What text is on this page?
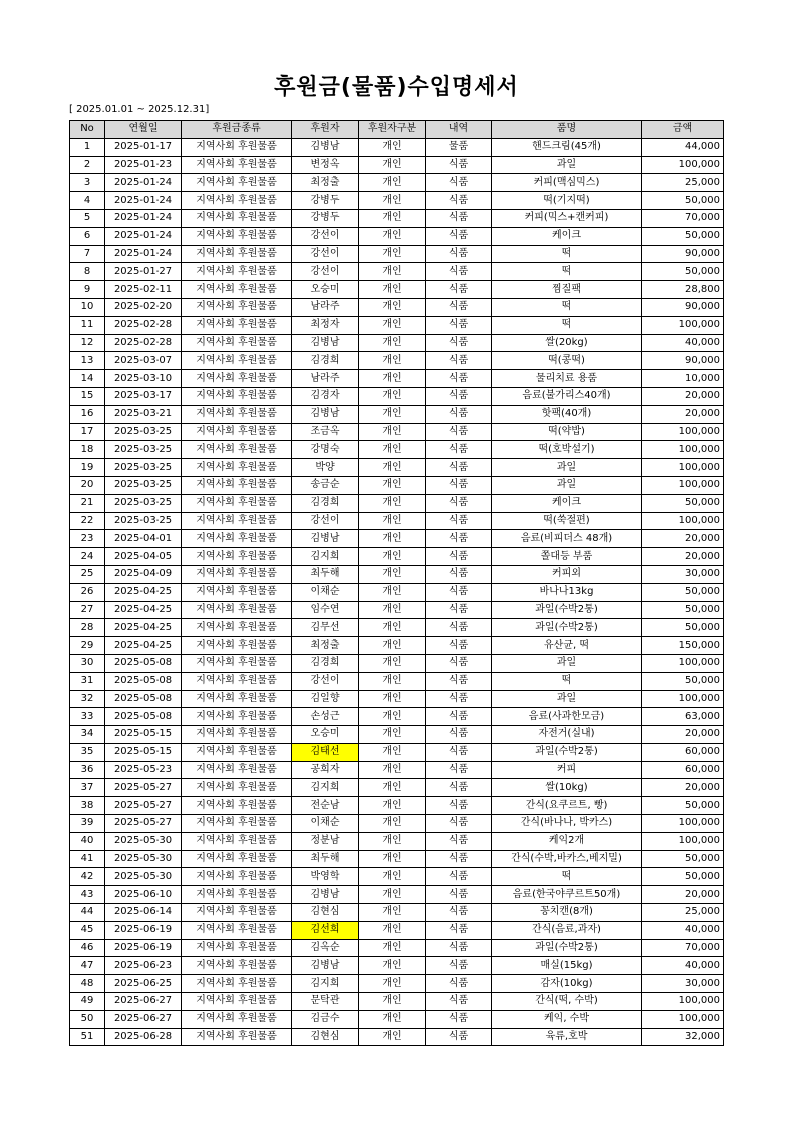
후원금(물품)수입명세서
[ 2025.01.01 ~ 2025.12.31]
No	연월일	후원금종류	후원자	후원자구분	내역	품명	금액
1	2025-01-17	지역사회 후원물품	김병남	개인	물품	핸드크림(45개)	44,000
2	2025-01-23	지역사회 후원물품	변정옥	개인	식품	과일	100,000
3	2025-01-24	지역사회 후원물품	최정출	개인	식품	커피(맥심믹스)	25,000
4	2025-01-24	지역사회 후원물품	강병두	개인	식품	떡(기지떡)	50,000
5	2025-01-24	지역사회 후원물품	강병두	개인	식품	커피(믹스+캔커피)	70,000
6	2025-01-24	지역사회 후원물품	강선이	개인	식품	케이크	50,000
7	2025-01-24	지역사회 후원물품	강선이	개인	식품	떡	90,000
8	2025-01-27	지역사회 후원물품	강선이	개인	식품	떡	50,000
9	2025-02-11	지역사회 후원물품	오승미	개인	식품	찜질팩	28,800
10	2025-02-20	지역사회 후원물품	남라주	개인	식품	떡	90,000
11	2025-02-28	지역사회 후원물품	최정자	개인	식품	떡	100,000
12	2025-02-28	지역사회 후원물품	김병남	개인	식품	쌀(20kg)	40,000
13	2025-03-07	지역사회 후원물품	김경희	개인	식품	떡(콩떡)	90,000
14	2025-03-10	지역사회 후원물품	남라주	개인	식품	물리치료 용품	10,000
15	2025-03-17	지역사회 후원물품	김경자	개인	식품	음료(불가리스40개)	20,000
16	2025-03-21	지역사회 후원물품	김병남	개인	식품	핫팩(40개)	20,000
17	2025-03-25	지역사회 후원물품	조금옥	개인	식품	떡(약밥)	100,000
18	2025-03-25	지역사회 후원물품	강명숙	개인	식품	떡(호박설기)	100,000
19	2025-03-25	지역사회 후원물품	박양	개인	식품	과일	100,000
20	2025-03-25	지역사회 후원물품	송금순	개인	식품	과일	100,000
21	2025-03-25	지역사회 후원물품	김경희	개인	식품	케이크	50,000
22	2025-03-25	지역사회 후원물품	강선이	개인	식품	떡(쑥절편)	100,000
23	2025-04-01	지역사회 후원물품	김병남	개인	식품	음료(비피더스 48개)	20,000
24	2025-04-05	지역사회 후원물품	김지희	개인	식품	쫄대등 부품	20,000
25	2025-04-09	지역사회 후원물품	최두해	개인	식품	커피외	30,000
26	2025-04-25	지역사회 후원물품	이채순	개인	식품	바나나13kg	50,000
27	2025-04-25	지역사회 후원물품	임수연	개인	식품	과일(수박2통)	50,000
28	2025-04-25	지역사회 후원물품	김무선	개인	식품	과일(수박2통)	50,000
29	2025-04-25	지역사회 후원물품	최정출	개인	식품	유산균, 떡	150,000
30	2025-05-08	지역사회 후원물품	김경희	개인	식품	과일	100,000
31	2025-05-08	지역사회 후원물품	강선이	개인	식품	떡	50,000
32	2025-05-08	지역사회 후원물품	김일향	개인	식품	과일	100,000
33	2025-05-08	지역사회 후원물품	손성근	개인	식품	음료(사과한모금)	63,000
34	2025-05-15	지역사회 후원물품	오승미	개인	식품	자전거(실내)	20,000
35	2025-05-15	지역사회 후원물품	김태선	개인	식품	과일(수박2통)	60,000
36	2025-05-23	지역사회 후원물품	공희자	개인	식품	커피	60,000
37	2025-05-27	지역사회 후원물품	김지희	개인	식품	쌀(10kg)	20,000
38	2025-05-27	지역사회 후원물품	전순남	개인	식품	간식(요쿠르트, 빵)	50,000
39	2025-05-27	지역사회 후원물품	이채순	개인	식품	간식(바나나, 박카스)	100,000
40	2025-05-30	지역사회 후원물품	정분남	개인	식품	케익2개	100,000
41	2025-05-30	지역사회 후원물품	최두해	개인	식품	간식(수박,바카스,베지밀)	50,000
42	2025-05-30	지역사회 후원물품	박영학	개인	식품	떡	50,000
43	2025-06-10	지역사회 후원물품	김병남	개인	식품	음료(한국야쿠르트50개)	20,000
44	2025-06-14	지역사회 후원물품	김현심	개인	식품	꽁치캔(8개)	25,000
45	2025-06-19	지역사회 후원물품	김선희	개인	식품	간식(음료,과자)	40,000
46	2025-06-19	지역사회 후원물품	김옥순	개인	식품	과일(수박2통)	70,000
47	2025-06-23	지역사회 후원물품	김병남	개인	식품	매실(15kg)	40,000
48	2025-06-25	지역사회 후원물품	김지희	개인	식품	감자(10kg)	30,000
49	2025-06-27	지역사회 후원물품	문탁관	개인	식품	간식(떡, 수박)	100,000
50	2025-06-27	지역사회 후원물품	김금수	개인	식품	케익, 수박	100,000
51	2025-06-28	지역사회 후원물품	김현심	개인	식품	육류,호박	32,000
